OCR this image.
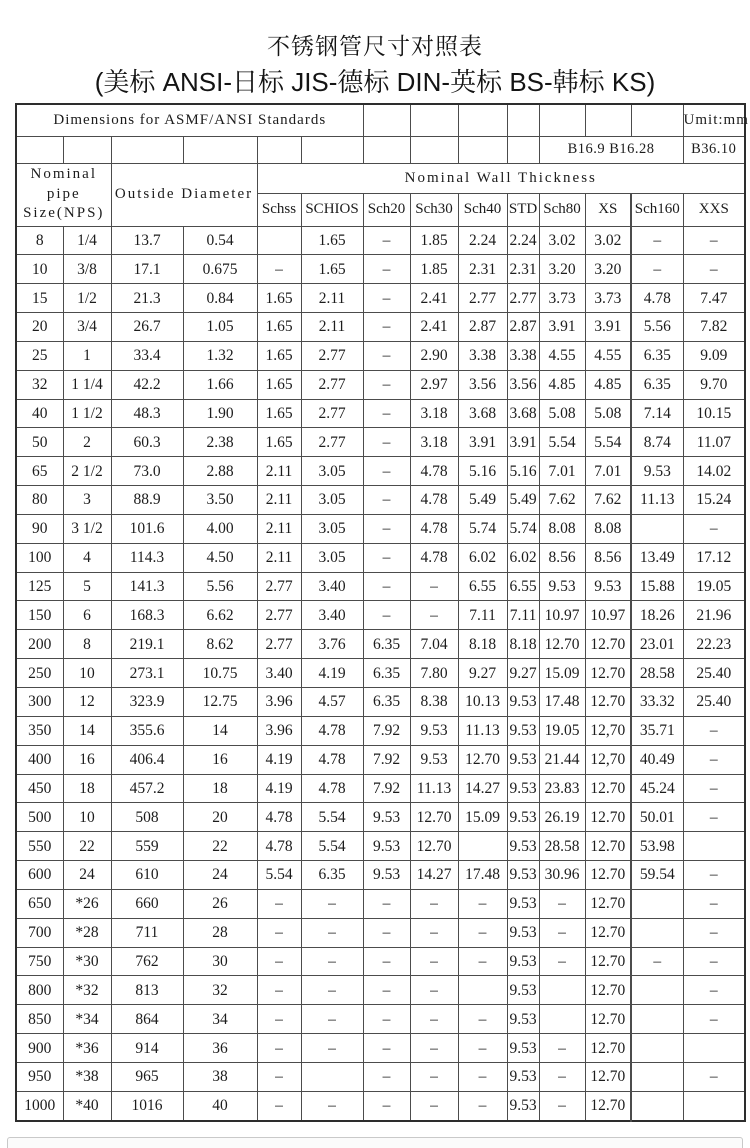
不锈钢管尺寸对照表
(美标 ANSI-日标 JIS-德标 DIN-英标 BS-韩标 KS)
Dimensions for ASMF/ANSI Standards													Umit:mm
										B16.9 B16.28			B36.10

Nominal
pipe
Size(NPS)		Outside Diameter		Nominal Wall Thickness									
				Schss	SCHIOS	Sch20	Sch30	Sch40	STD	Sch80	XS	Sch160	XXS
8	1/4	13.7	0.54		1.65	–	1.85	2.24	2.24	3.02	3.02	–	–
10	3/8	17.1	0.675	–	1.65	–	1.85	2.31	2.31	3.20	3.20	–	–
15	1/2	21.3	0.84	1.65	2.11	–	2.41	2.77	2.77	3.73	3.73	4.78	7.47
20	3/4	26.7	1.05	1.65	2.11	–	2.41	2.87	2.87	3.91	3.91	5.56	7.82
25	1	33.4	1.32	1.65	2.77	–	2.90	3.38	3.38	4.55	4.55	6.35	9.09
32	1 1/4	42.2	1.66	1.65	2.77	–	2.97	3.56	3.56	4.85	4.85	6.35	9.70
40	1 1/2	48.3	1.90	1.65	2.77	–	3.18	3.68	3.68	5.08	5.08	7.14	10.15
50	2	60.3	2.38	1.65	2.77	–	3.18	3.91	3.91	5.54	5.54	8.74	11.07
65	2 1/2	73.0	2.88	2.11	3.05	–	4.78	5.16	5.16	7.01	7.01	9.53	14.02
80	3	88.9	3.50	2.11	3.05	–	4.78	5.49	5.49	7.62	7.62	11.13	15.24
90	3 1/2	101.6	4.00	2.11	3.05	–	4.78	5.74	5.74	8.08	8.08		–
100	4	114.3	4.50	2.11	3.05	–	4.78	6.02	6.02	8.56	8.56	13.49	17.12
125	5	141.3	5.56	2.77	3.40	–	–	6.55	6.55	9.53	9.53	15.88	19.05
150	6	168.3	6.62	2.77	3.40	–	–	7.11	7.11	10.97	10.97	18.26	21.96
200	8	219.1	8.62	2.77	3.76	6.35	7.04	8.18	8.18	12.70	12.70	23.01	22.23
250	10	273.1	10.75	3.40	4.19	6.35	7.80	9.27	9.27	15.09	12.70	28.58	25.40
300	12	323.9	12.75	3.96	4.57	6.35	8.38	10.13	9.53	17.48	12.70	33.32	25.40
350	14	355.6	14	3.96	4.78	7.92	9.53	11.13	9.53	19.05	12,70	35.71	–
400	16	406.4	16	4.19	4.78	7.92	9.53	12.70	9.53	21.44	12,70	40.49	–
450	18	457.2	18	4.19	4.78	7.92	11.13	14.27	9.53	23.83	12.70	45.24	–
500	10	508	20	4.78	5.54	9.53	12.70	15.09	9.53	26.19	12.70	50.01	–
550	22	559	22	4.78	5.54	9.53	12.70		9.53	28.58	12.70	53.98	
600	24	610	24	5.54	6.35	9.53	14.27	17.48	9.53	30.96	12.70	59.54	–
650	*26	660	26	–	–	–	–	–	9.53	–	12.70		–
700	*28	711	28	–	–	–	–	–	9.53	–	12.70		–
750	*30	762	30	–	–	–	–	–	9.53	–	12.70	–	–
800	*32	813	32	–	–	–	–		9.53		12.70		–
850	*34	864	34	–	–	–	–	–	9.53		12.70		–
900	*36	914	36	–	–	–	–	–	9.53	–	12.70		
950	*38	965	38	–		–	–	–	9.53	–	12.70		–
1000	*40	1016	40	–	–	–	–	–	9.53	–	12.70		
